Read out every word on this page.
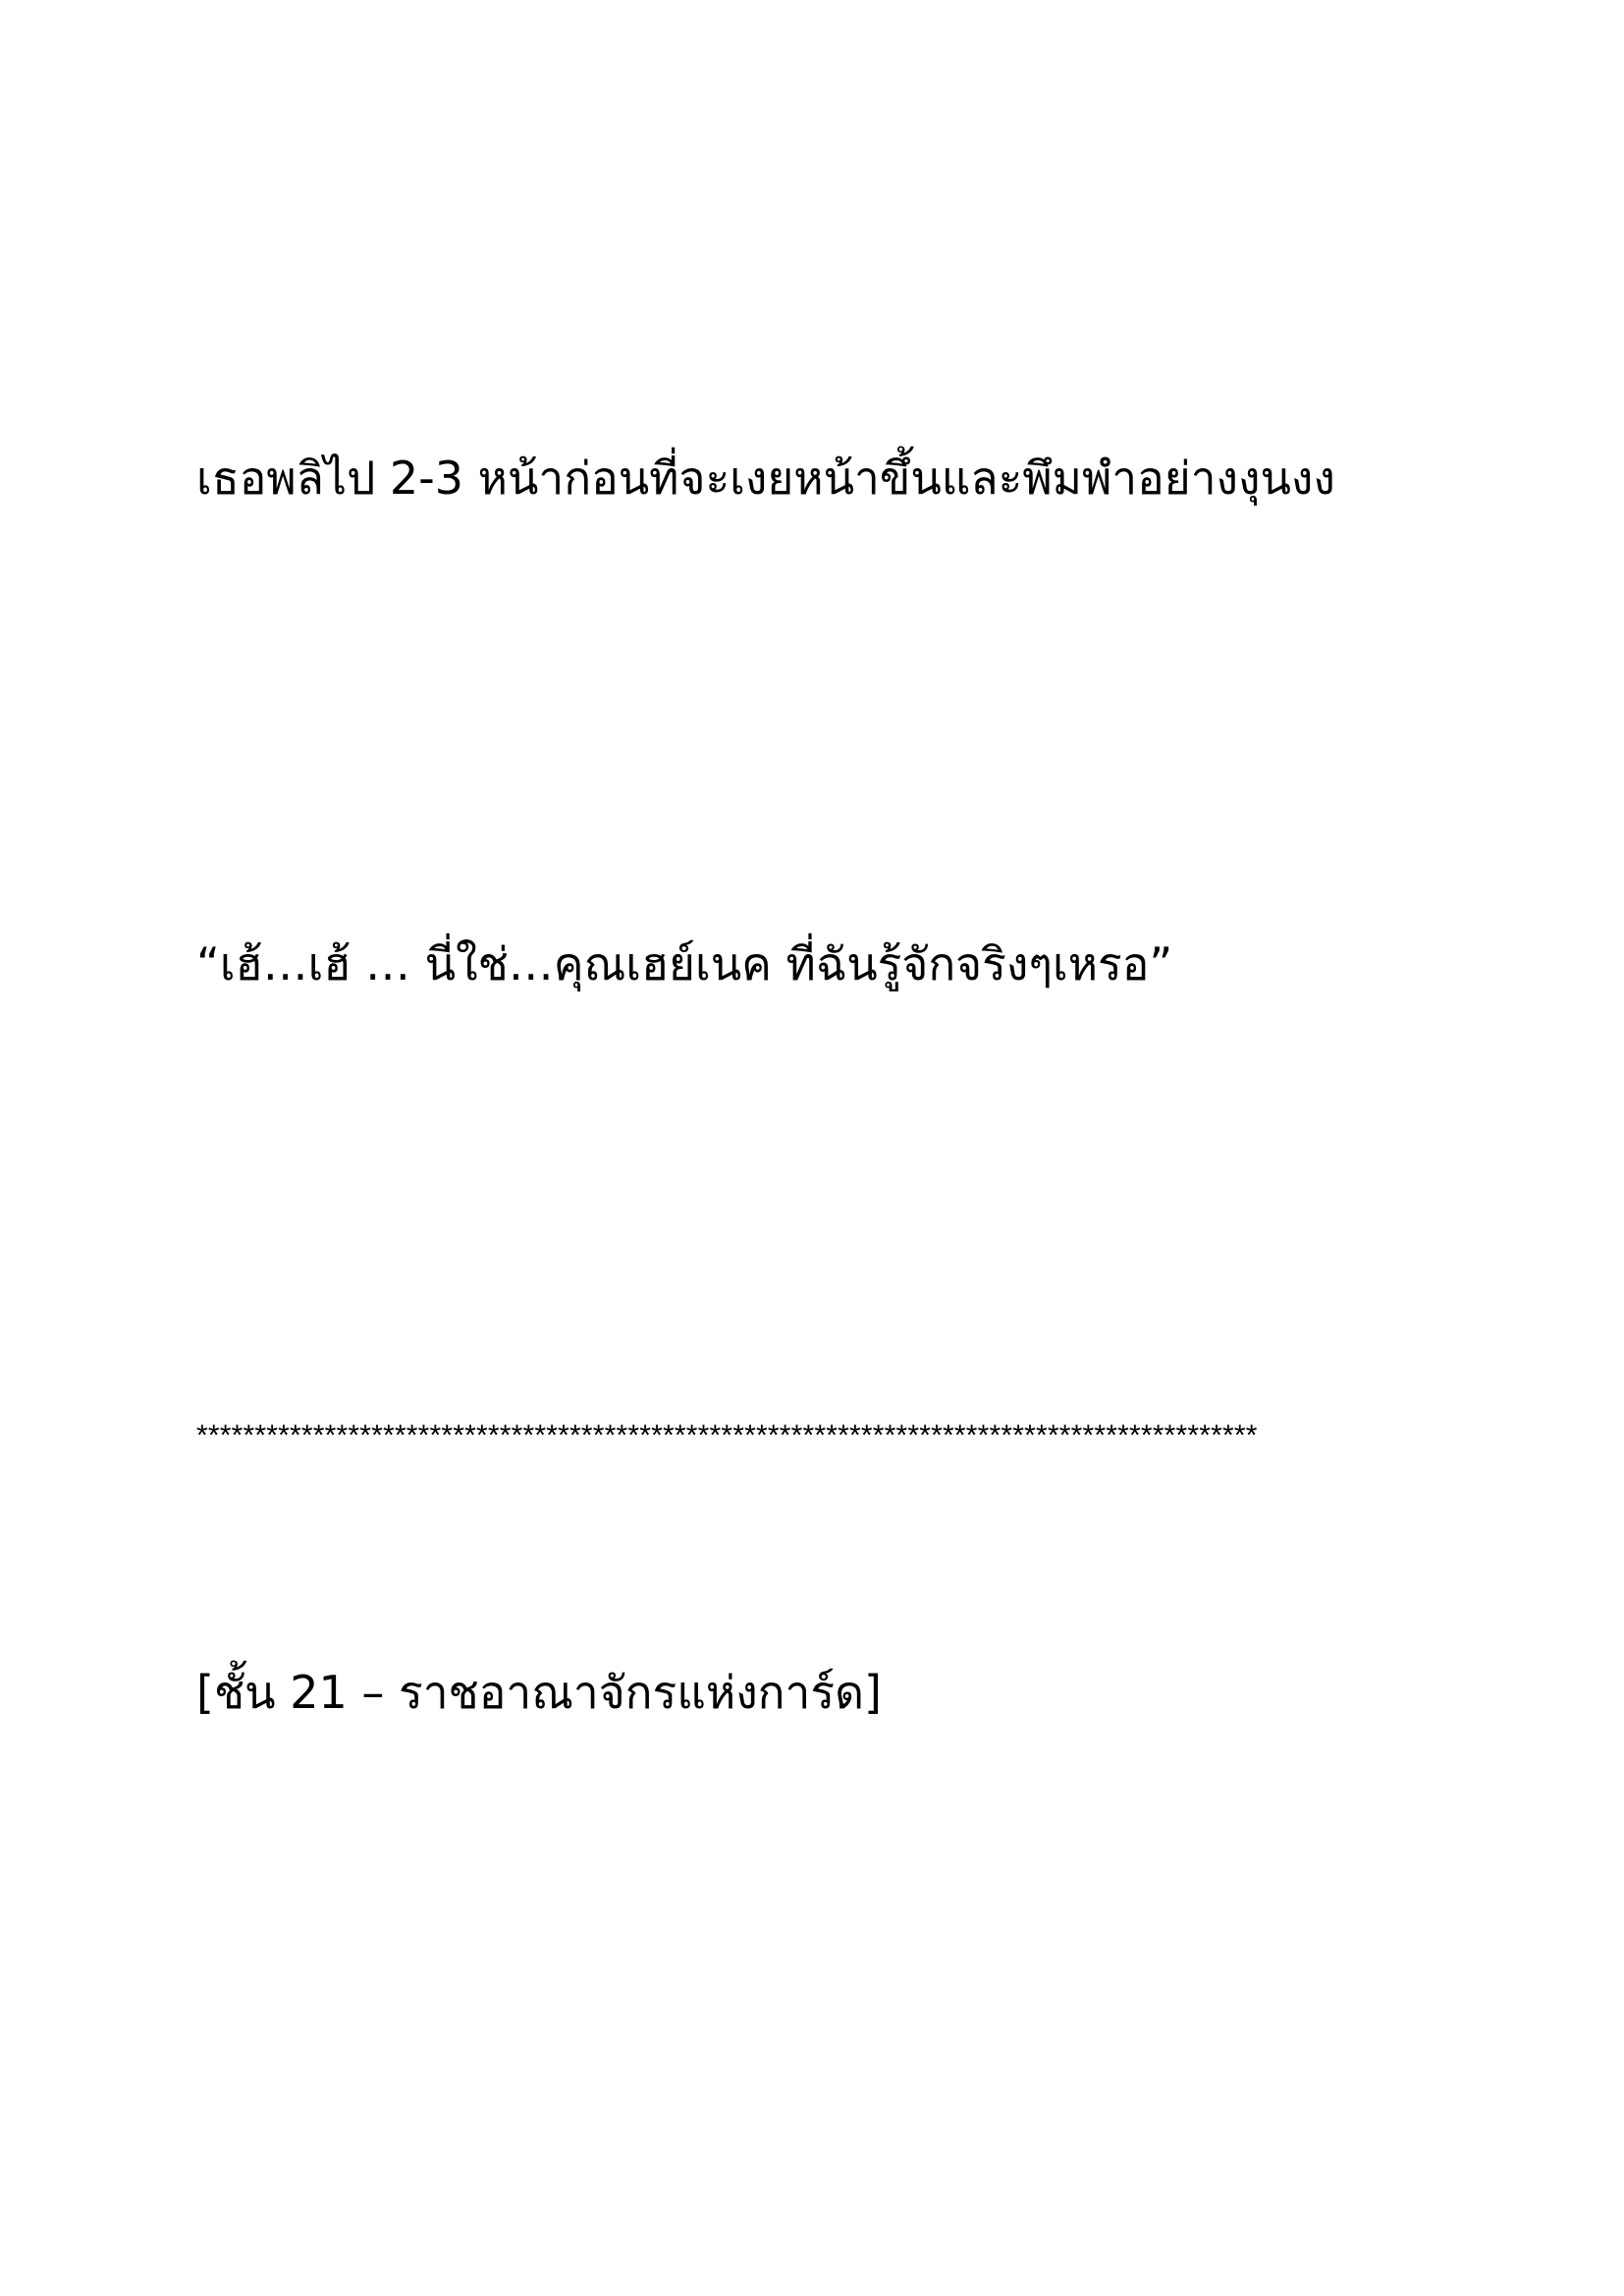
เธอพลิไป 2-3 หน้าก่อนที่จะเงยหน้าขึ้นและพึมพำอย่างงุนงง
“เฮ้…เฮ้ … นี่ใช่…คุณเฮย์เนค ที่ฉันรู้จักจริงๆเหรอ”
*******************************************************************************************
[ชั้น 21 – ราชอาณาจักรแห่งการ์ด]
